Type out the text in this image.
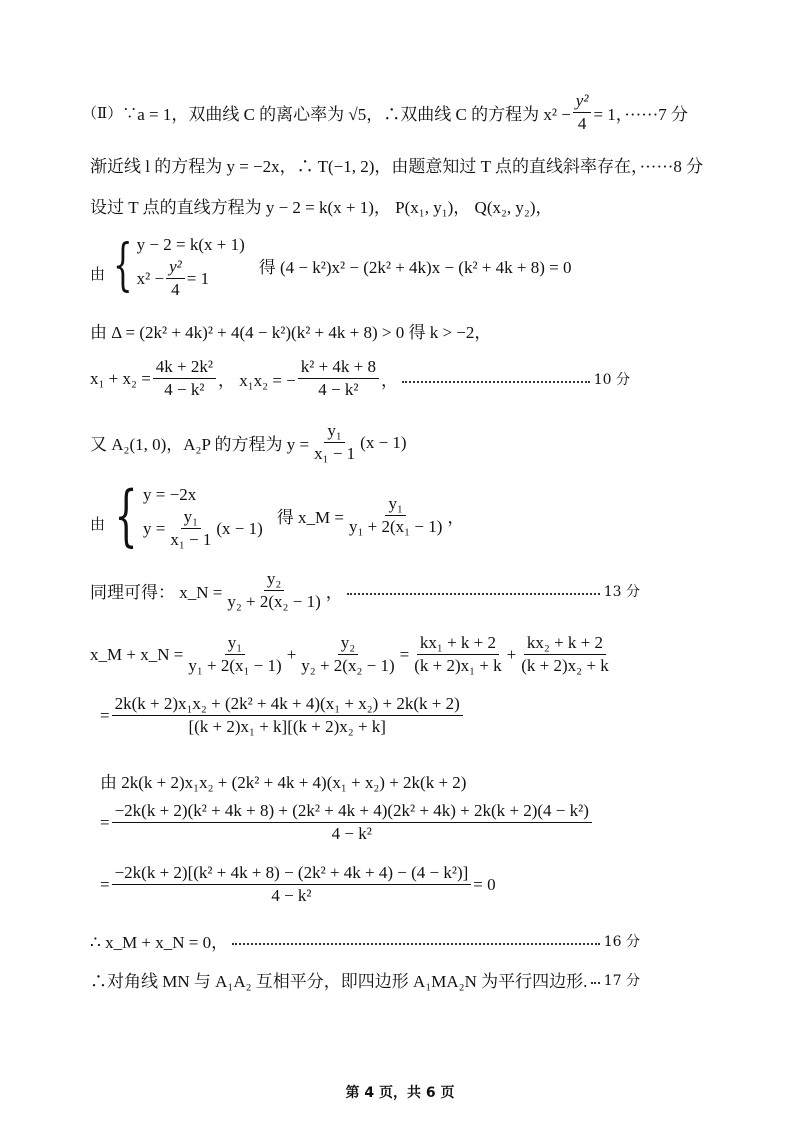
（Ⅱ）∵ a = 1，双曲线 C 的离心率为 √5，∴双曲线 C 的方程为 $x^2 - \frac{\text{y²}}{4} = 1$，······7 分
渐近线 l 的方程为 y = −2x，∴ T(−1, 2)，由题意知过 T 点的直线斜率存在，······8 分
设过 T 点的直线方程为 y − 2 = k(x + 1)， P(x₁, y₁)， Q(x₂, y₂)，
由 { y − 2 = k(x + 1)
$x^2 - \frac{\text{y²}}{4} = 1$
得 (4 − k²)x² − (2k² + 4k)x − (k² + 4k + 8) = 0
由 Δ = (2k² + 4k)² + 4(4 − k²)(k² + 4k + 8) > 0 得 k > −2，
$x_1 + x_2 = \frac{\text{4k + 2k²}}{\text{4 − k²}}$ ， x₁x₂ = − $\frac{\text{k² + 4k + 8}}{\text{4 − k²}}$ ，	10 分
又 A₂(1, 0)，A₂P 的方程为 $y = \frac{\text{y₁}}{\text{x₁ − 1}} (x - 1)$
由 { y = −2x
$y = \frac{\text{y₁}}{\text{x₁ − 1}} (x - 1)$
得 x_M = $\frac{\text{y₁}}{\text{y₁ + 2(x₁ − 1)}}$ ，
同理可得： x_N = $\frac{\text{y₂}}{\text{y₂ + 2(x₂ − 1)}}$ ，	13 分
x_M + x_N = $\frac{\text{y₁}}{\text{y₁ + 2(x₁ − 1)}} + \frac{\text{y₂}}{\text{y₂ + 2(x₂ − 1)}} = \frac{\text{kx₁ + k + 2}}{\text{(k + 2)x₁ + k}} + \frac{\text{kx₂ + k + 2}}{\text{(k + 2)x₂ + k}}$
= $\frac{\text{2k(k + 2)x₁x₂ + (2k² + 4k + 4)(x₁ + x₂) + 2k(k + 2)}}{\text{[(k + 2)x₁ + k][(k + 2)x₂ + k]}}$
由 2k(k + 2)x₁x₂ + (2k² + 4k + 4)(x₁ + x₂) + 2k(k + 2)
=
−2k(k + 2)(k² + 4k + 8) + (2k² + 4k + 4)(2k² + 4k) + 2k(k + 2)(4 − k²)
4 − k²
= $\frac{\text{−2k(k + 2)[(k² + 4k + 8) − (2k² + 4k + 4) − (4 − k²)]}}{\text{4 − k²}} = 0$
∴ x_M + x_N = 0，	16 分
∴对角线 MN 与 A₁A₂ 互相平分，即四边形 A₁MA₂N 为平行四边形. 17 分
第 4 页，共 6 页
